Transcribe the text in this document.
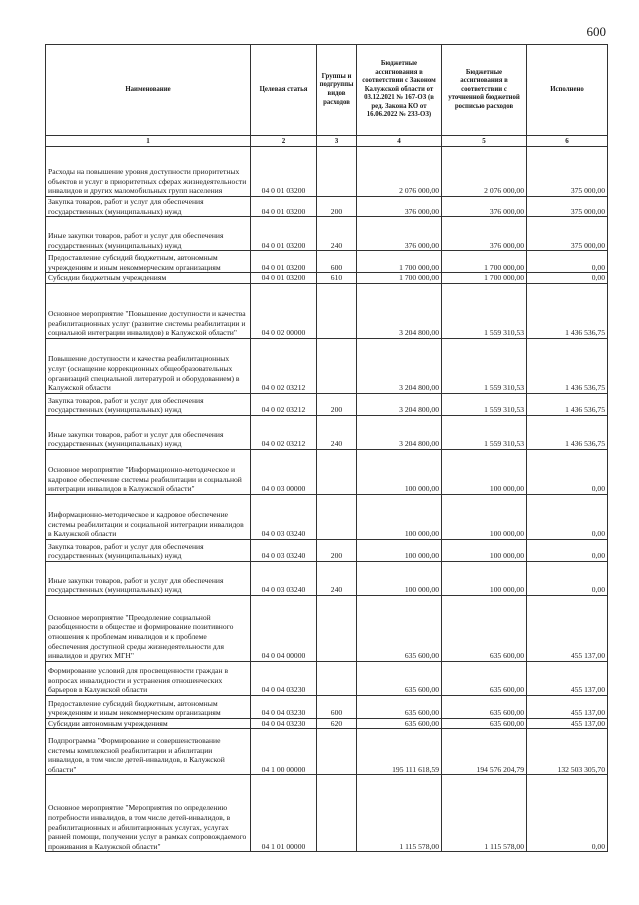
600
Наименование	Целевая статья	Группы и подгруппы видов расходов	Бюджетные ассигнования в соответствии с Законом Калужской области от 03.12.2021 № 167-ОЗ (в ред. Закона КО от 16.06.2022 № 233-ОЗ)	Бюджетные ассигнования в соответствии с уточненной бюджетной росписью расходов	Исполнено
1	2	3	4	5	6
Расходы на повышение уровня доступности приоритетных объектов и услуг в приоритетных сферах жизнедеятельности инвалидов и других маломобильных групп населения	04 0 01 03200		2 076 000,00	2 076 000,00	375 000,00
Закупка товаров, работ и услуг для обеспечения государственных (муниципальных) нужд	04 0 01 03200	200	376 000,00	376 000,00	375 000,00
Иные закупки товаров, работ и услуг для обеспечения государственных (муниципальных) нужд	04 0 01 03200	240	376 000,00	376 000,00	375 000,00
Предоставление субсидий бюджетным, автономным учреждениям и иным некоммерческим организациям	04 0 01 03200	600	1 700 000,00	1 700 000,00	0,00
Субсидии бюджетным учреждениям	04 0 01 03200	610	1 700 000,00	1 700 000,00	0,00
Основное мероприятие "Повышение доступности и качества реабилитационных услуг (развитие системы реабилитации и социальной интеграции инвалидов) в Калужской области"	04 0 02 00000		3 204 800,00	1 559 310,53	1 436 536,75
Повышение доступности и качества реабилитационных услуг (оснащение коррекционных общеобразовательных организаций специальной литературой и оборудованием) в Калужской области	04 0 02 03212		3 204 800,00	1 559 310,53	1 436 536,75
Закупка товаров, работ и услуг для обеспечения государственных (муниципальных) нужд	04 0 02 03212	200	3 204 800,00	1 559 310,53	1 436 536,75
Иные закупки товаров, работ и услуг для обеспечения государственных (муниципальных) нужд	04 0 02 03212	240	3 204 800,00	1 559 310,53	1 436 536,75
Основное мероприятие "Информационно-методическое и кадровое обеспечение системы реабилитации и социальной интеграции инвалидов в Калужской области"	04 0 03 00000		100 000,00	100 000,00	0,00
Информационно-методическое и кадровое обеспечение системы реабилитации и социальной интеграции инвалидов в Калужской области	04 0 03 03240		100 000,00	100 000,00	0,00
Закупка товаров, работ и услуг для обеспечения государственных (муниципальных) нужд	04 0 03 03240	200	100 000,00	100 000,00	0,00
Иные закупки товаров, работ и услуг для обеспечения государственных (муниципальных) нужд	04 0 03 03240	240	100 000,00	100 000,00	0,00
Основное мероприятие "Преодоление социальной разобщенности в обществе и формирование позитивного отношения к проблемам инвалидов и к проблеме обеспечения доступной среды жизнедеятельности для инвалидов и других МГН"	04 0 04 00000		635 600,00	635 600,00	455 137,00
Формирование условий для просвещенности граждан в вопросах инвалидности и устранения отношенческих барьеров в Калужской области	04 0 04 03230		635 600,00	635 600,00	455 137,00
Предоставление субсидий бюджетным, автономным учреждениям и иным некоммерческим организациям	04 0 04 03230	600	635 600,00	635 600,00	455 137,00
Субсидии автономным учреждениям	04 0 04 03230	620	635 600,00	635 600,00	455 137,00
Подпрограмма "Формирование и совершенствование системы комплексной реабилитации и абилитации инвалидов, в том числе детей-инвалидов, в Калужской области"	04 1 00 00000		195 111 618,59	194 576 204,79	132 503 305,70
Основное мероприятие "Мероприятия по определению потребности инвалидов, в том числе детей-инвалидов, в реабилитационных и абилитационных услугах, услугах ранней помощи, получении услуг в рамках сопровождаемого проживания в Калужской области"	04 1 01 00000		1 115 578,00	1 115 578,00	0,00
